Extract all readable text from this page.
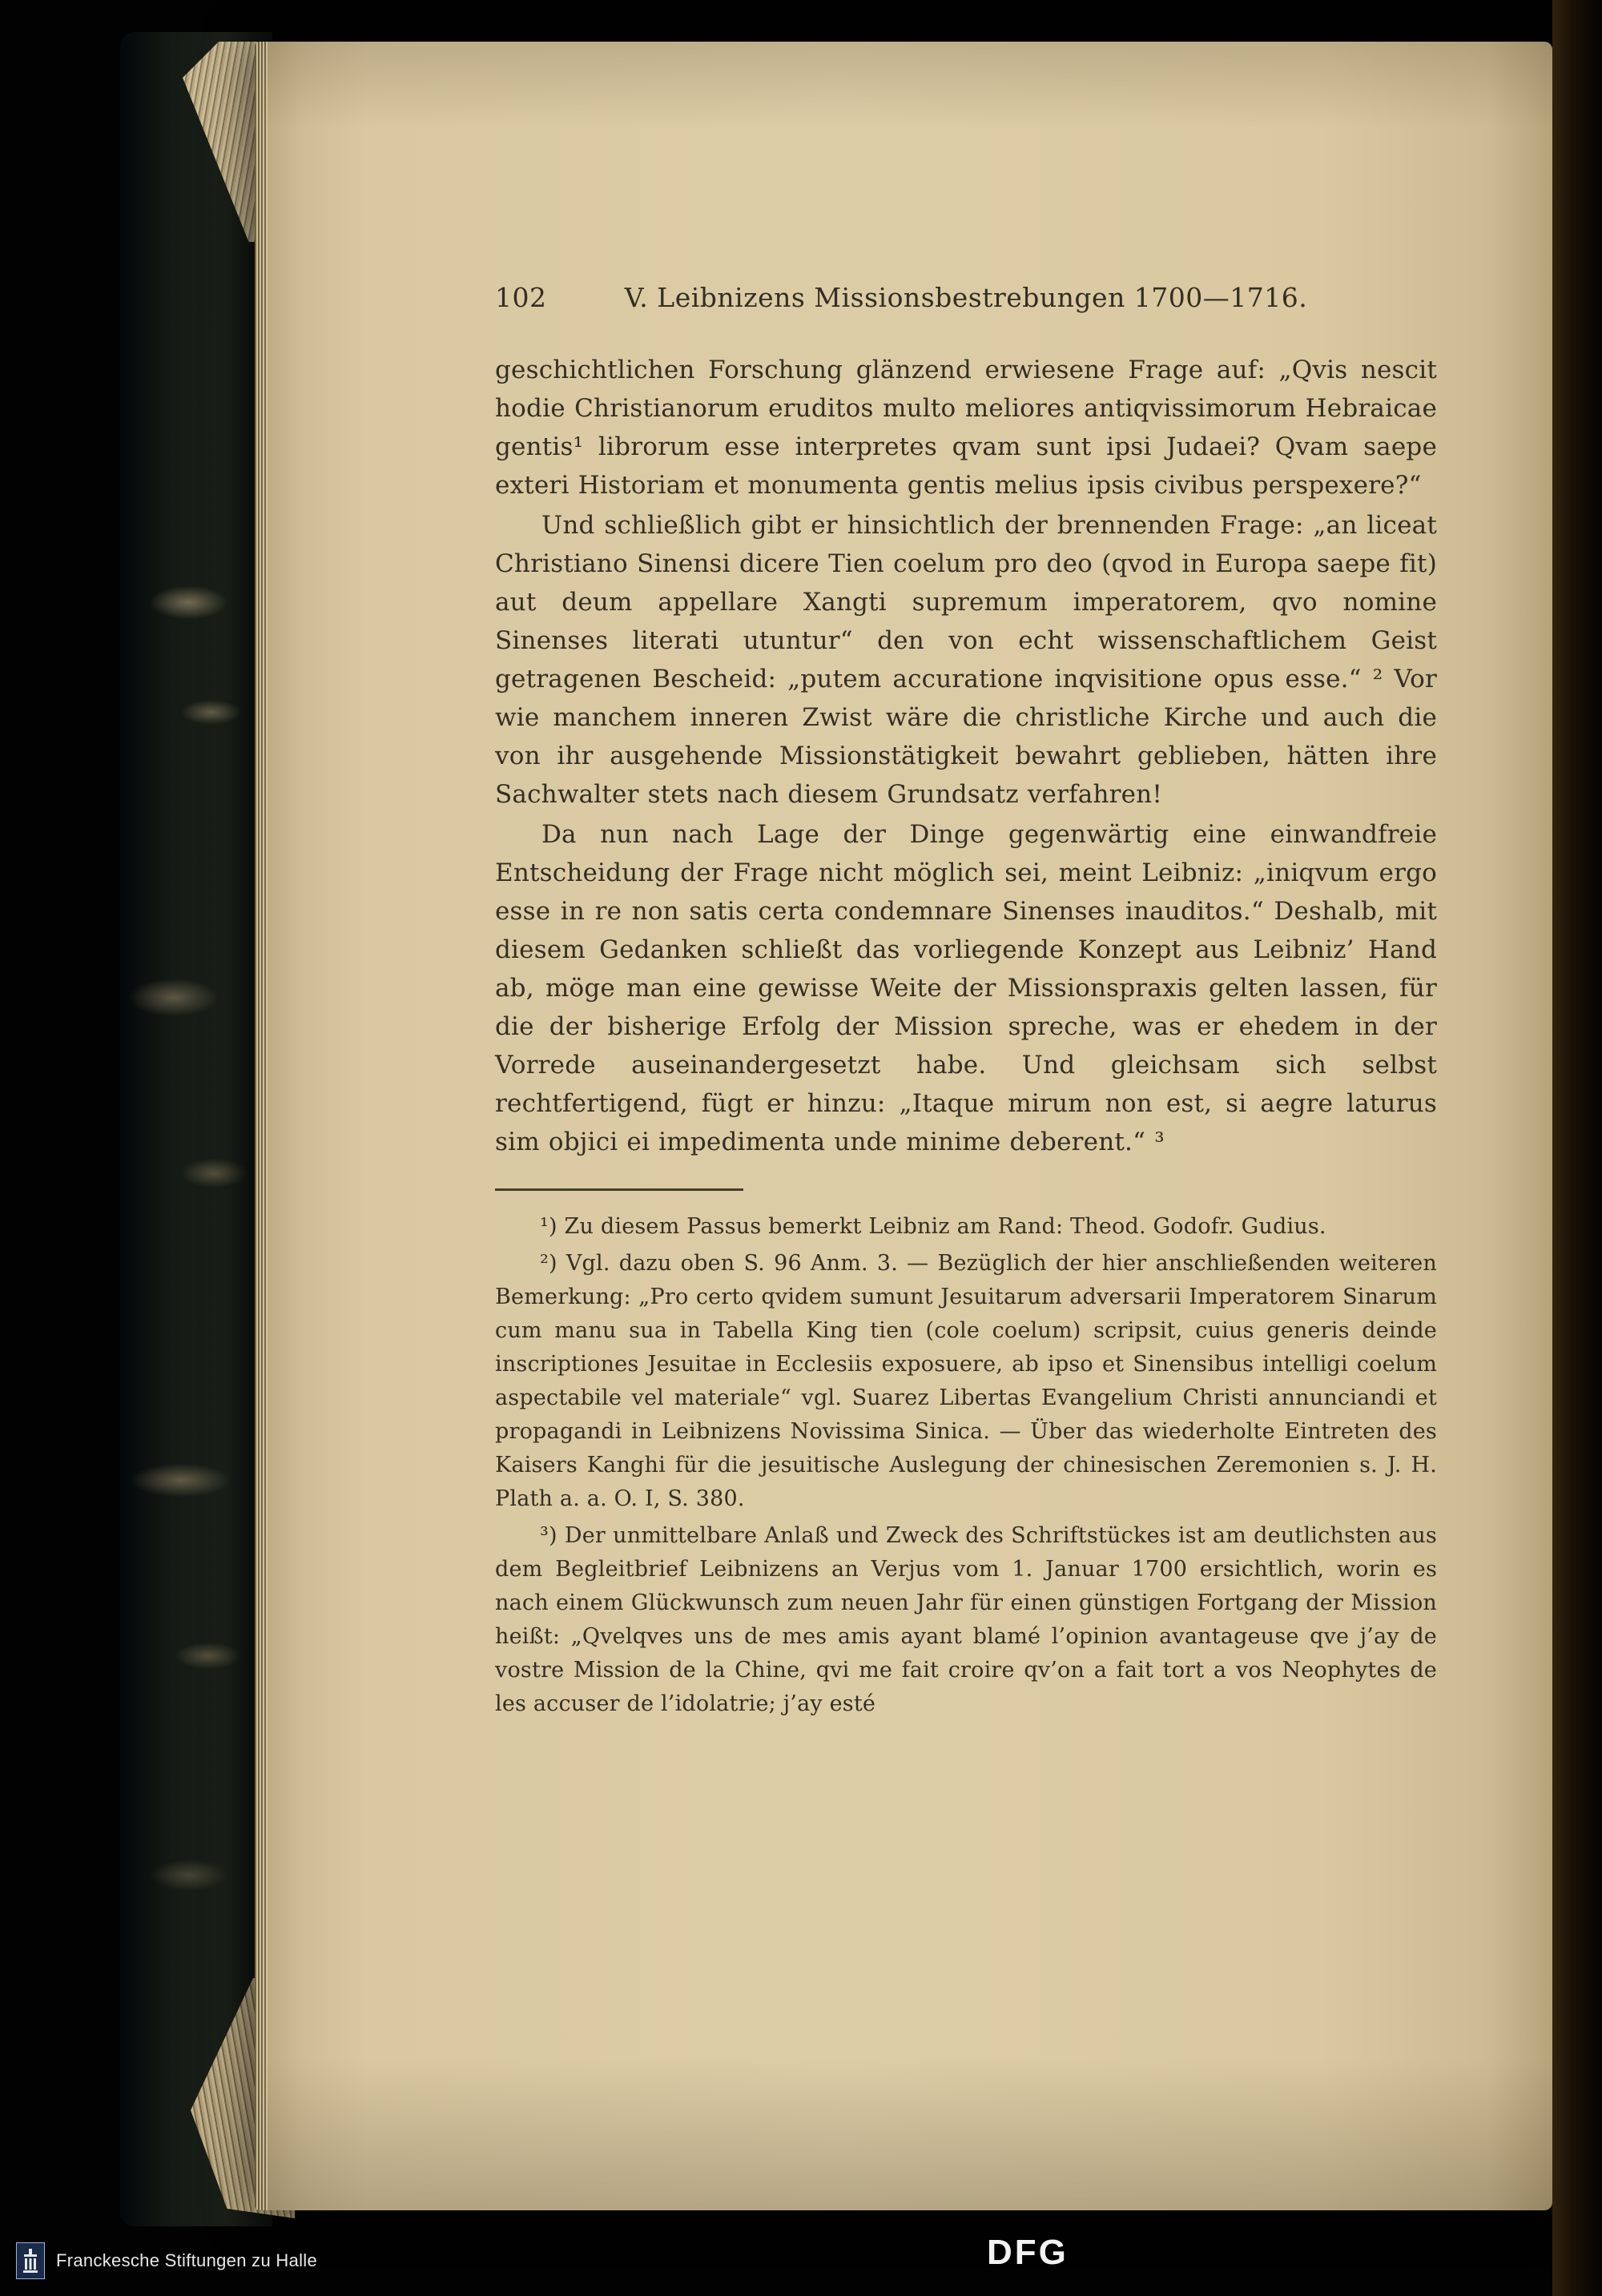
102	V. Leibnizens Missionsbestrebungen 1700—1716.

geschichtlichen Forschung glänzend erwiesene Frage auf: „Qvis nescit hodie Christianorum eruditos multo meliores antiqvissimorum Hebraicae gentis¹ librorum esse interpretes qvam sunt ipsi Judaei? Qvam saepe exteri Historiam et monumenta gentis melius ipsis civibus perspexere?“

Und schließlich gibt er hinsichtlich der brennenden Frage: „an liceat Christiano Sinensi dicere Tien coelum pro deo (qvod in Europa saepe fit) aut deum appellare Xangti supremum imperatorem, qvo nomine Sinenses literati utuntur“ den von echt wissenschaftlichem Geist getragenen Bescheid: „putem accuratione inqvisitione opus esse.“ ² Vor wie manchem inneren Zwist wäre die christliche Kirche und auch die von ihr ausgehende Missionstätigkeit bewahrt geblieben, hätten ihre Sachwalter stets nach diesem Grundsatz verfahren!

Da nun nach Lage der Dinge gegenwärtig eine einwandfreie Entscheidung der Frage nicht möglich sei, meint Leibniz: „iniqvum ergo esse in re non satis certa condemnare Sinenses inauditos.“ Deshalb, mit diesem Gedanken schließt das vorliegende Konzept aus Leibniz’ Hand ab, möge man eine gewisse Weite der Missionspraxis gelten lassen, für die der bisherige Erfolg der Mission spreche, was er ehedem in der Vorrede auseinandergesetzt habe. Und gleichsam sich selbst rechtfertigend, fügt er hinzu: „Itaque mirum non est, si aegre laturus sim objici ei impedimenta unde minime deberent.“ ³

¹) Zu diesem Passus bemerkt Leibniz am Rand: Theod. Godofr. Gudius.

²) Vgl. dazu oben S. 96 Anm. 3. — Bezüglich der hier anschließenden weiteren Bemerkung: „Pro certo qvidem sumunt Jesuitarum adversarii Imperatorem Sinarum cum manu sua in Tabella King tien (cole coelum) scripsit, cuius generis deinde inscriptiones Jesuitae in Ecclesiis exposuere, ab ipso et Sinensibus intelligi coelum aspectabile vel materiale“ vgl. Suarez Libertas Evangelium Christi annunciandi et propagandi in Leibnizens Novissima Sinica. — Über das wiederholte Eintreten des Kaisers Kanghi für die jesuitische Auslegung der chinesischen Zeremonien s. J. H. Plath a. a. O. I, S. 380.

³) Der unmittelbare Anlaß und Zweck des Schriftstückes ist am deutlichsten aus dem Begleitbrief Leibnizens an Verjus vom 1. Januar 1700 ersichtlich, worin es nach einem Glückwunsch zum neuen Jahr für einen günstigen Fortgang der Mission heißt: „Qvelqves uns de mes amis ayant blamé l’opinion avantageuse qve j’ay de vostre Mission de la Chine, qvi me fait croire qv’on a fait tort a vos Neophytes de les accuser de l’idolatrie; j’ay esté

Franckesche Stiftungen zu Halle	DFG
